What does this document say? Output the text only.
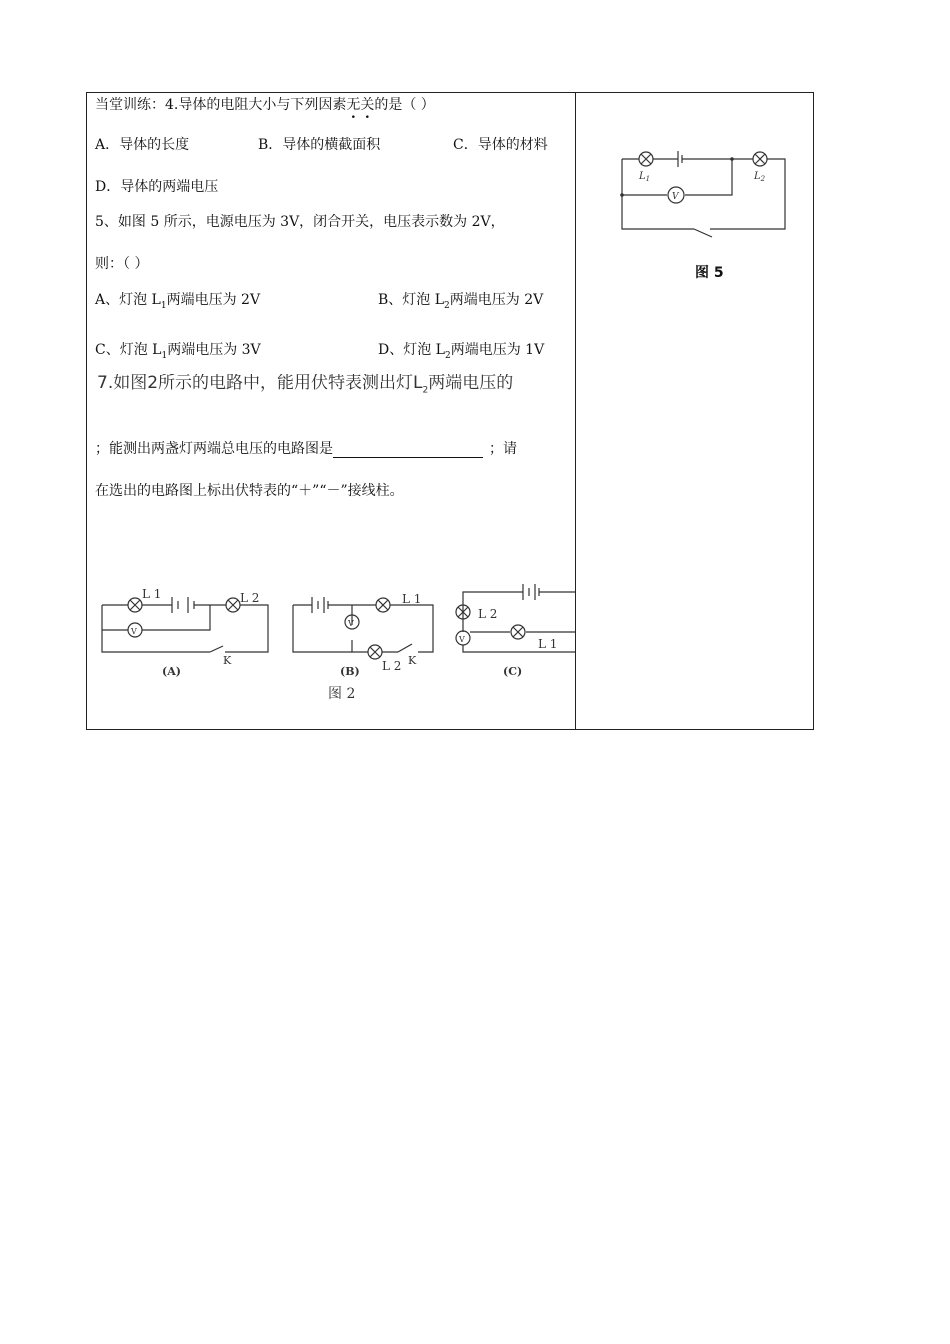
当堂训练：4.导体的电阻大小与下列因素无关的是（ ）
A．导体的长度	B．导体的横截面积	C．导体的材料
D．导体的两端电压
5、如图 5 所示，电源电压为 3V，闭合开关，电压表示数为 2V，
则：（ ）
A、灯泡 $L_1$两端电压为 2V	B、灯泡 $L_2$两端电压为 2V
C、灯泡 $L_1$两端电压为 3V	D、灯泡 $L_2$两端电压为 1V
7.如图2所示的电路中，能用伏特表测出灯$L_2$两端电压的
；能测出两盏灯两端总电压的电路图是	；请
在选出的电路图上标出伏特表的“＋”“－”接线柱。
L 1	L 2
V
K
(A)
V
L 1
L 2 K
(B)
L 2
V	L 1
(C)
图 2
$L_1$	$L_2$
V
图 5
